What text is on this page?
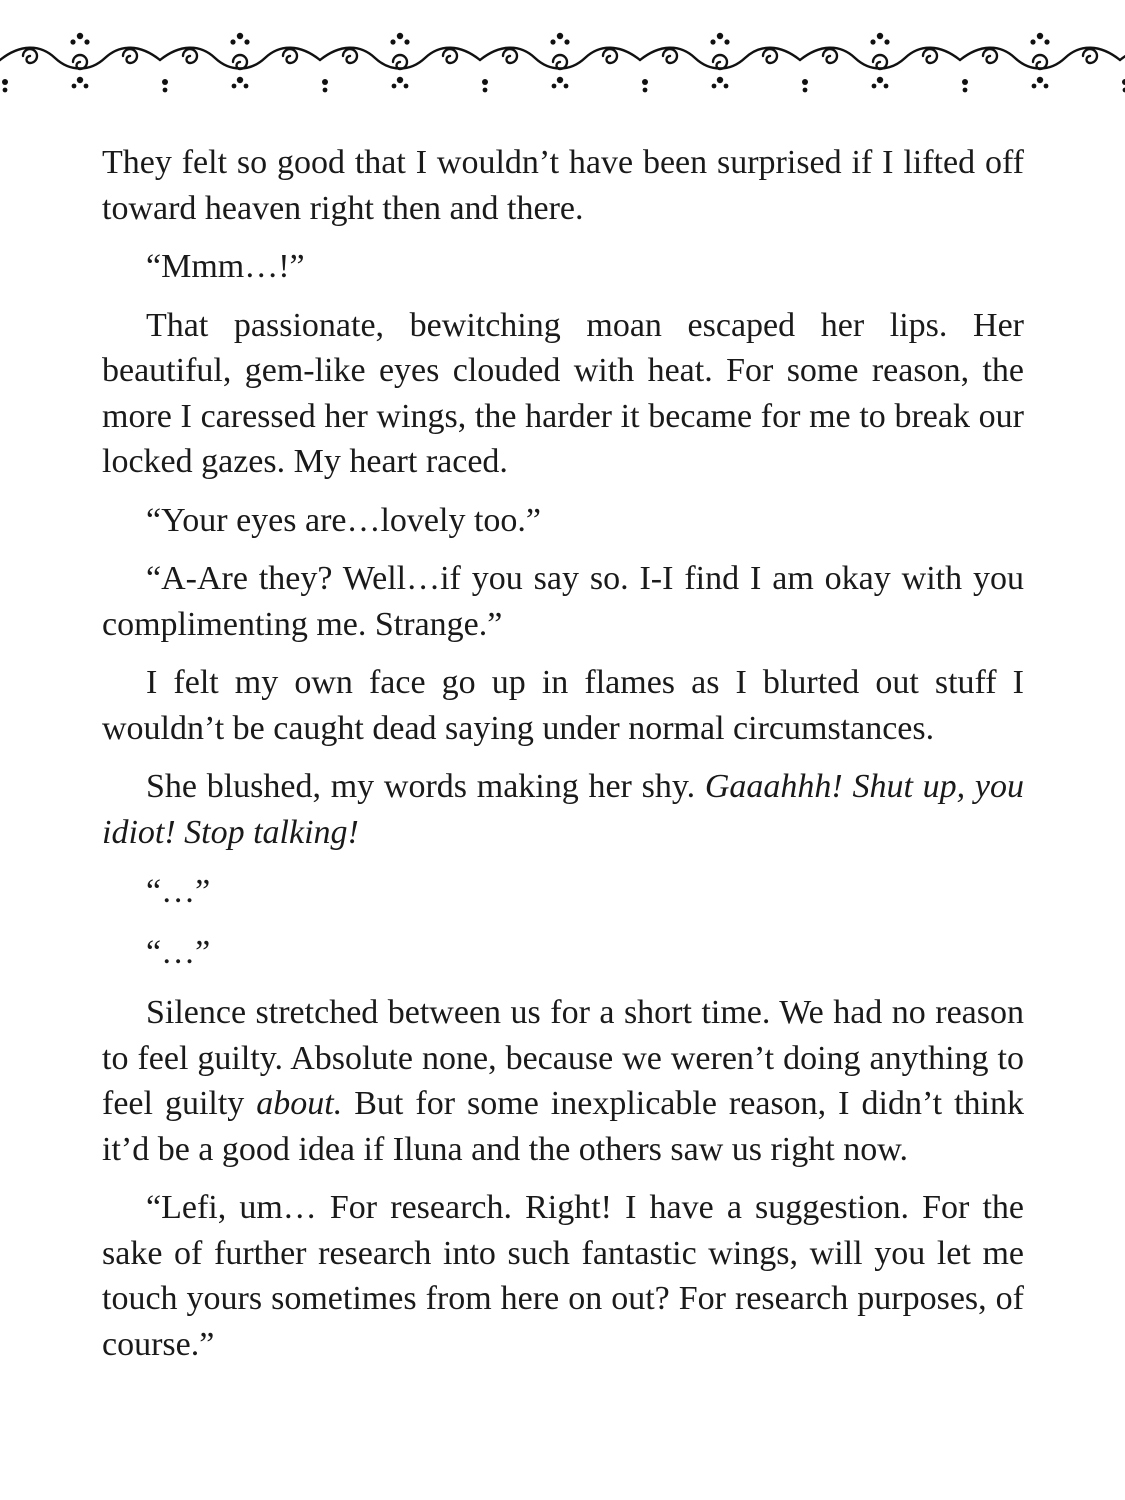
They felt so good that I wouldn’t have been surprised if I lifted off toward heaven right then and there.

“Mmm…!”

That passionate, bewitching moan escaped her lips. Her beautiful, gem-like eyes clouded with heat. For some reason, the more I caressed her wings, the harder it became for me to break our locked gazes. My heart raced.

“Your eyes are…lovely too.”

“A-Are they? Well…if you say so. I-I find I am okay with you complimenting me. Strange.”

I felt my own face go up in flames as I blurted out stuff I wouldn’t be caught dead saying under normal circumstances.

She blushed, my words making her shy. Gaaahhh! Shut up, you idiot! Stop talking!

“…”

“…”

Silence stretched between us for a short time. We had no reason to feel guilty. Absolute none, because we weren’t doing anything to feel guilty about. But for some inexplicable reason, I didn’t think it’d be a good idea if Iluna and the others saw us right now.

“Lefi, um… For research. Right! I have a suggestion. For the sake of further research into such fantastic wings, will you let me touch yours sometimes from here on out? For research purposes, of course.”
